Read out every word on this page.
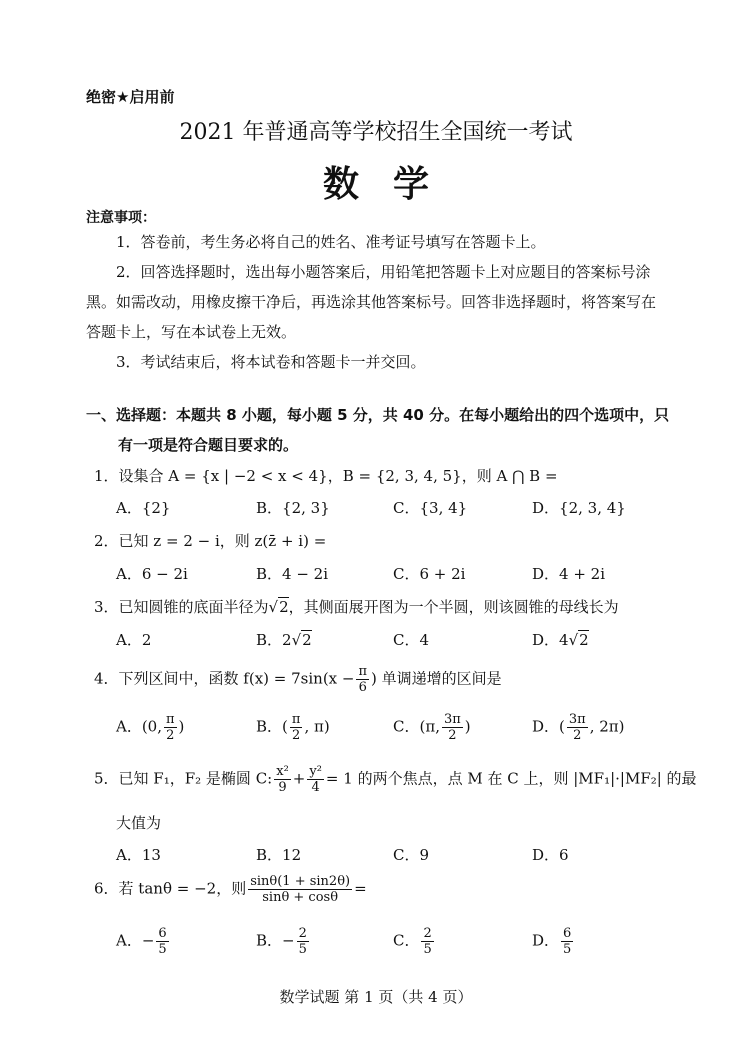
绝密★启用前
2021 年普通高等学校招生全国统一考试
数学
注意事项：
1．答卷前，考生务必将自己的姓名、准考证号填写在答题卡上。
2．回答选择题时，选出每小题答案后，用铅笔把答题卡上对应题目的答案标号涂
黑。如需改动，用橡皮擦干净后，再选涂其他答案标号。回答非选择题时，将答案写在
答题卡上，写在本试卷上无效。
3．考试结束后，将本试卷和答题卡一并交回。
一、选择题：本题共 8 小题，每小题 5 分，共 40 分。在每小题给出的四个选项中，只
有一项是符合题目要求的。
1．设集合 A = {x | −2 < x < 4}，B = {2, 3, 4, 5}，则 A ⋂ B =
A．{2}	B．{2, 3}	C．{3, 4}	D．{2, 3, 4}
2．已知 z = 2 − i，则 z(z̄ + i) =
A．6 − 2i	B．4 − 2i	C．6 + 2i	D．4 + 2i
3．已知圆锥的底面半径为√2，其侧面展开图为一个半圆，则该圆锥的母线长为
A．2	B．2√2	C．4	D．4√2
4．下列区间中，函数 $f(x) = 7\sin(x - \frac{\pi}{6}$ ) 单调递增的区间是
A．(0, $\frac{\pi}{2}$ )	B．( $\frac{\pi}{2}$ , π)	C．(π, $\frac{3\pi}{2}$ )	D．( $\frac{3\pi}{2}$ , 2π)
5．已知 F₁，F₂ 是椭圆 C: $\frac{\text{x²}}{9} + \frac{\text{y²}}{4} = 1$ 的两个焦点，点 M 在 C 上，则 |MF₁|·|MF₂| 的最
大值为
A．13	B．12	C．9	D．6
6．若 tanθ = −2，则 $\frac{\sin\theta(1 + \sin 2\theta)}{\sin\theta + \cos\theta}$ =
A．− $\frac{6}{5}$	B．− $\frac{2}{5}$	C． $\frac{2}{5}$	D． $\frac{6}{5}$
数学试题 第 1 页（共 4 页）
